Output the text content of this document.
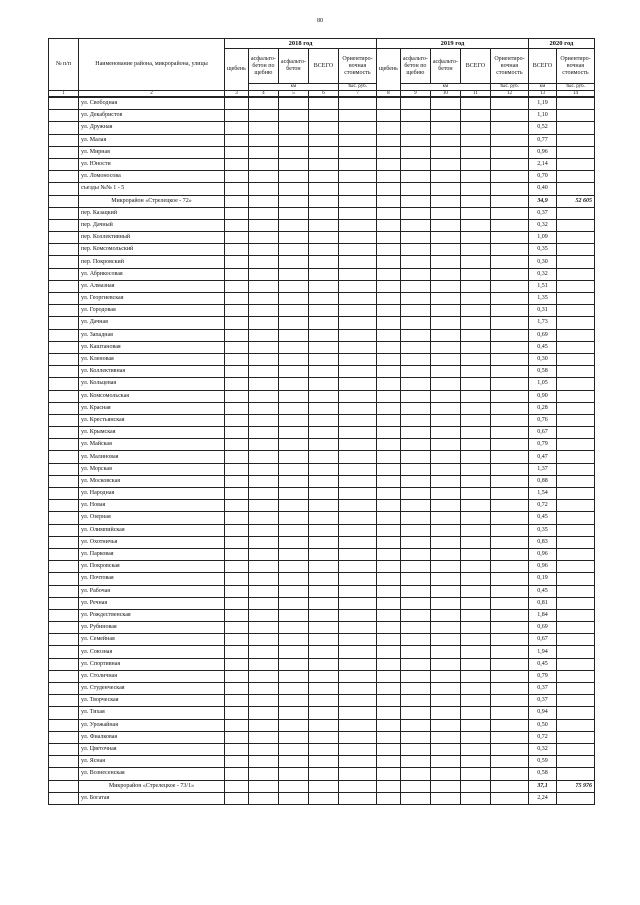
80
№ п/п	Наименование района, микрорайона, улицы	2018 год					2019 год					2020 год	
		щебень	асфальто-бетон по щебню	асфальто-бетон	ВСЕГО	Ориентиро-вочная стоимость	щебень	асфальто-бетон по щебню	асфальто-бетон	ВСЕГО	Ориентиро-вочная стоимость	ВСЕГО	Ориентиро-вочная стоимость
			км			тыс. руб.		км			тыс. руб.	км	тыс. руб.
1	2	3	4	5	6	7	8	9	10	11	12	13	14
	ул. Свободная											1,19	
	ул. Декабристов											1,10	
	ул. Дружная											0,52	
	ул. Малая											0,77	
	ул. Мирная											0,96	
	ул. Юности											2,14	
	ул. Ломоносова											0,70	
	съезды №№ 1 - 5											0,40	
	Микрорайон «Стрелецкое - 72»											34,9	52 605
	пер. Казацкий											0,37	
	пер. Дачный											0,32	
	пер. Коллективный											1,09	
	пер. Комсомольский											0,35	
	пер. Покровский											0,30	
	ул. Абрикосовая											0,32	
	ул. Алмазная											1,51	
	ул. Георгиевская											1,35	
	ул. Городовая											0,31	
	ул. Дачная											1,73	
	ул. Западная											0,69	
	ул. Каштановая											0,45	
	ул. Кленовая											0,30	
	ул. Коллективная											0,58	
	ул. Кольцевая											1,05	
	ул. Комсомольская											0,90	
	ул. Красная											0,28	
	ул. Крестьянская											0,76	
	ул. Крымская											0,67	
	ул. Майская											0,79	
	ул. Малиновая											0,47	
	ул. Морская											1,37	
	ул. Московская											0,88	
	ул. Народная											1,54	
	ул. Новая											0,72	
	ул. Озерная											0,45	
	ул. Олимпийская											0,35	
	ул. Охотничья											0,83	
	ул. Парковая											0,96	
	ул. Покровская											0,96	
	ул. Почтовая											0,19	
	ул. Рабочая											0,45	
	ул. Речная											0,81	
	ул. Рождественская											1,84	
	ул. Рубиновая											0,69	
	ул. Семейная											0,67	
	ул. Союзная											1,94	
	ул. Спортивная											0,45	
	ул. Столичная											0,79	
	ул. Студенческая											0,37	
	ул. Творческая											0,37	
	ул. Тихая											0,94	
	ул. Урожайная											0,50	
	ул. Фиалковая											0,72	
	ул. Цветочная											0,32	
	ул. Ясная											0,59	
	ул. Вознесенская											0,58	
	Микрорайон «Стрелецкое - 73/1»											37,1	75 976
	ул. Богатая											2,24	
